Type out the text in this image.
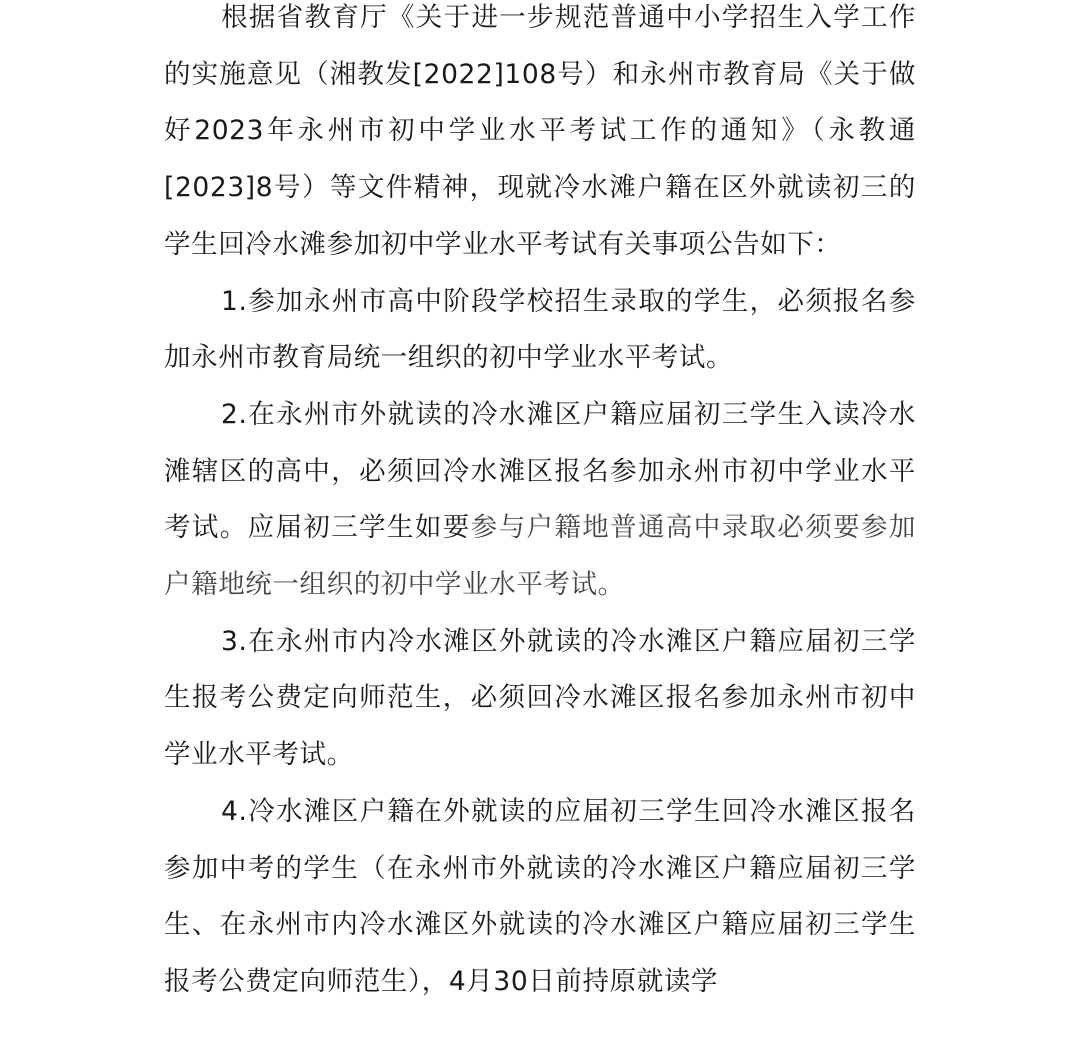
根据省教育厅《关于进一步规范普通中小学招生入学工作的实施意见（湘教发[2022]108号）和永州市教育局《关于做好2023年永州市初中学业水平考试工作的通知》（永教通[2023]8号）等文件精神，现就冷水滩户籍在区外就读初三的学生回冷水滩参加初中学业水平考试有关事项公告如下：

1.参加永州市高中阶段学校招生录取的学生，必须报名参加永州市教育局统一组织的初中学业水平考试。

2.在永州市外就读的冷水滩区户籍应届初三学生入读冷水滩辖区的高中，必须回冷水滩区报名参加永州市初中学业水平考试。应届初三学生如要参与户籍地普通高中录取必须要参加户籍地统一组织的初中学业水平考试。

3.在永州市内冷水滩区外就读的冷水滩区户籍应届初三学生报考公费定向师范生，必须回冷水滩区报名参加永州市初中学业水平考试。

4.冷水滩区户籍在外就读的应届初三学生回冷水滩区报名参加中考的学生（在永州市外就读的冷水滩区户籍应届初三学生、在永州市内冷水滩区外就读的冷水滩区户籍应届初三学生报考公费定向师范生），4月30日前持原就读学
